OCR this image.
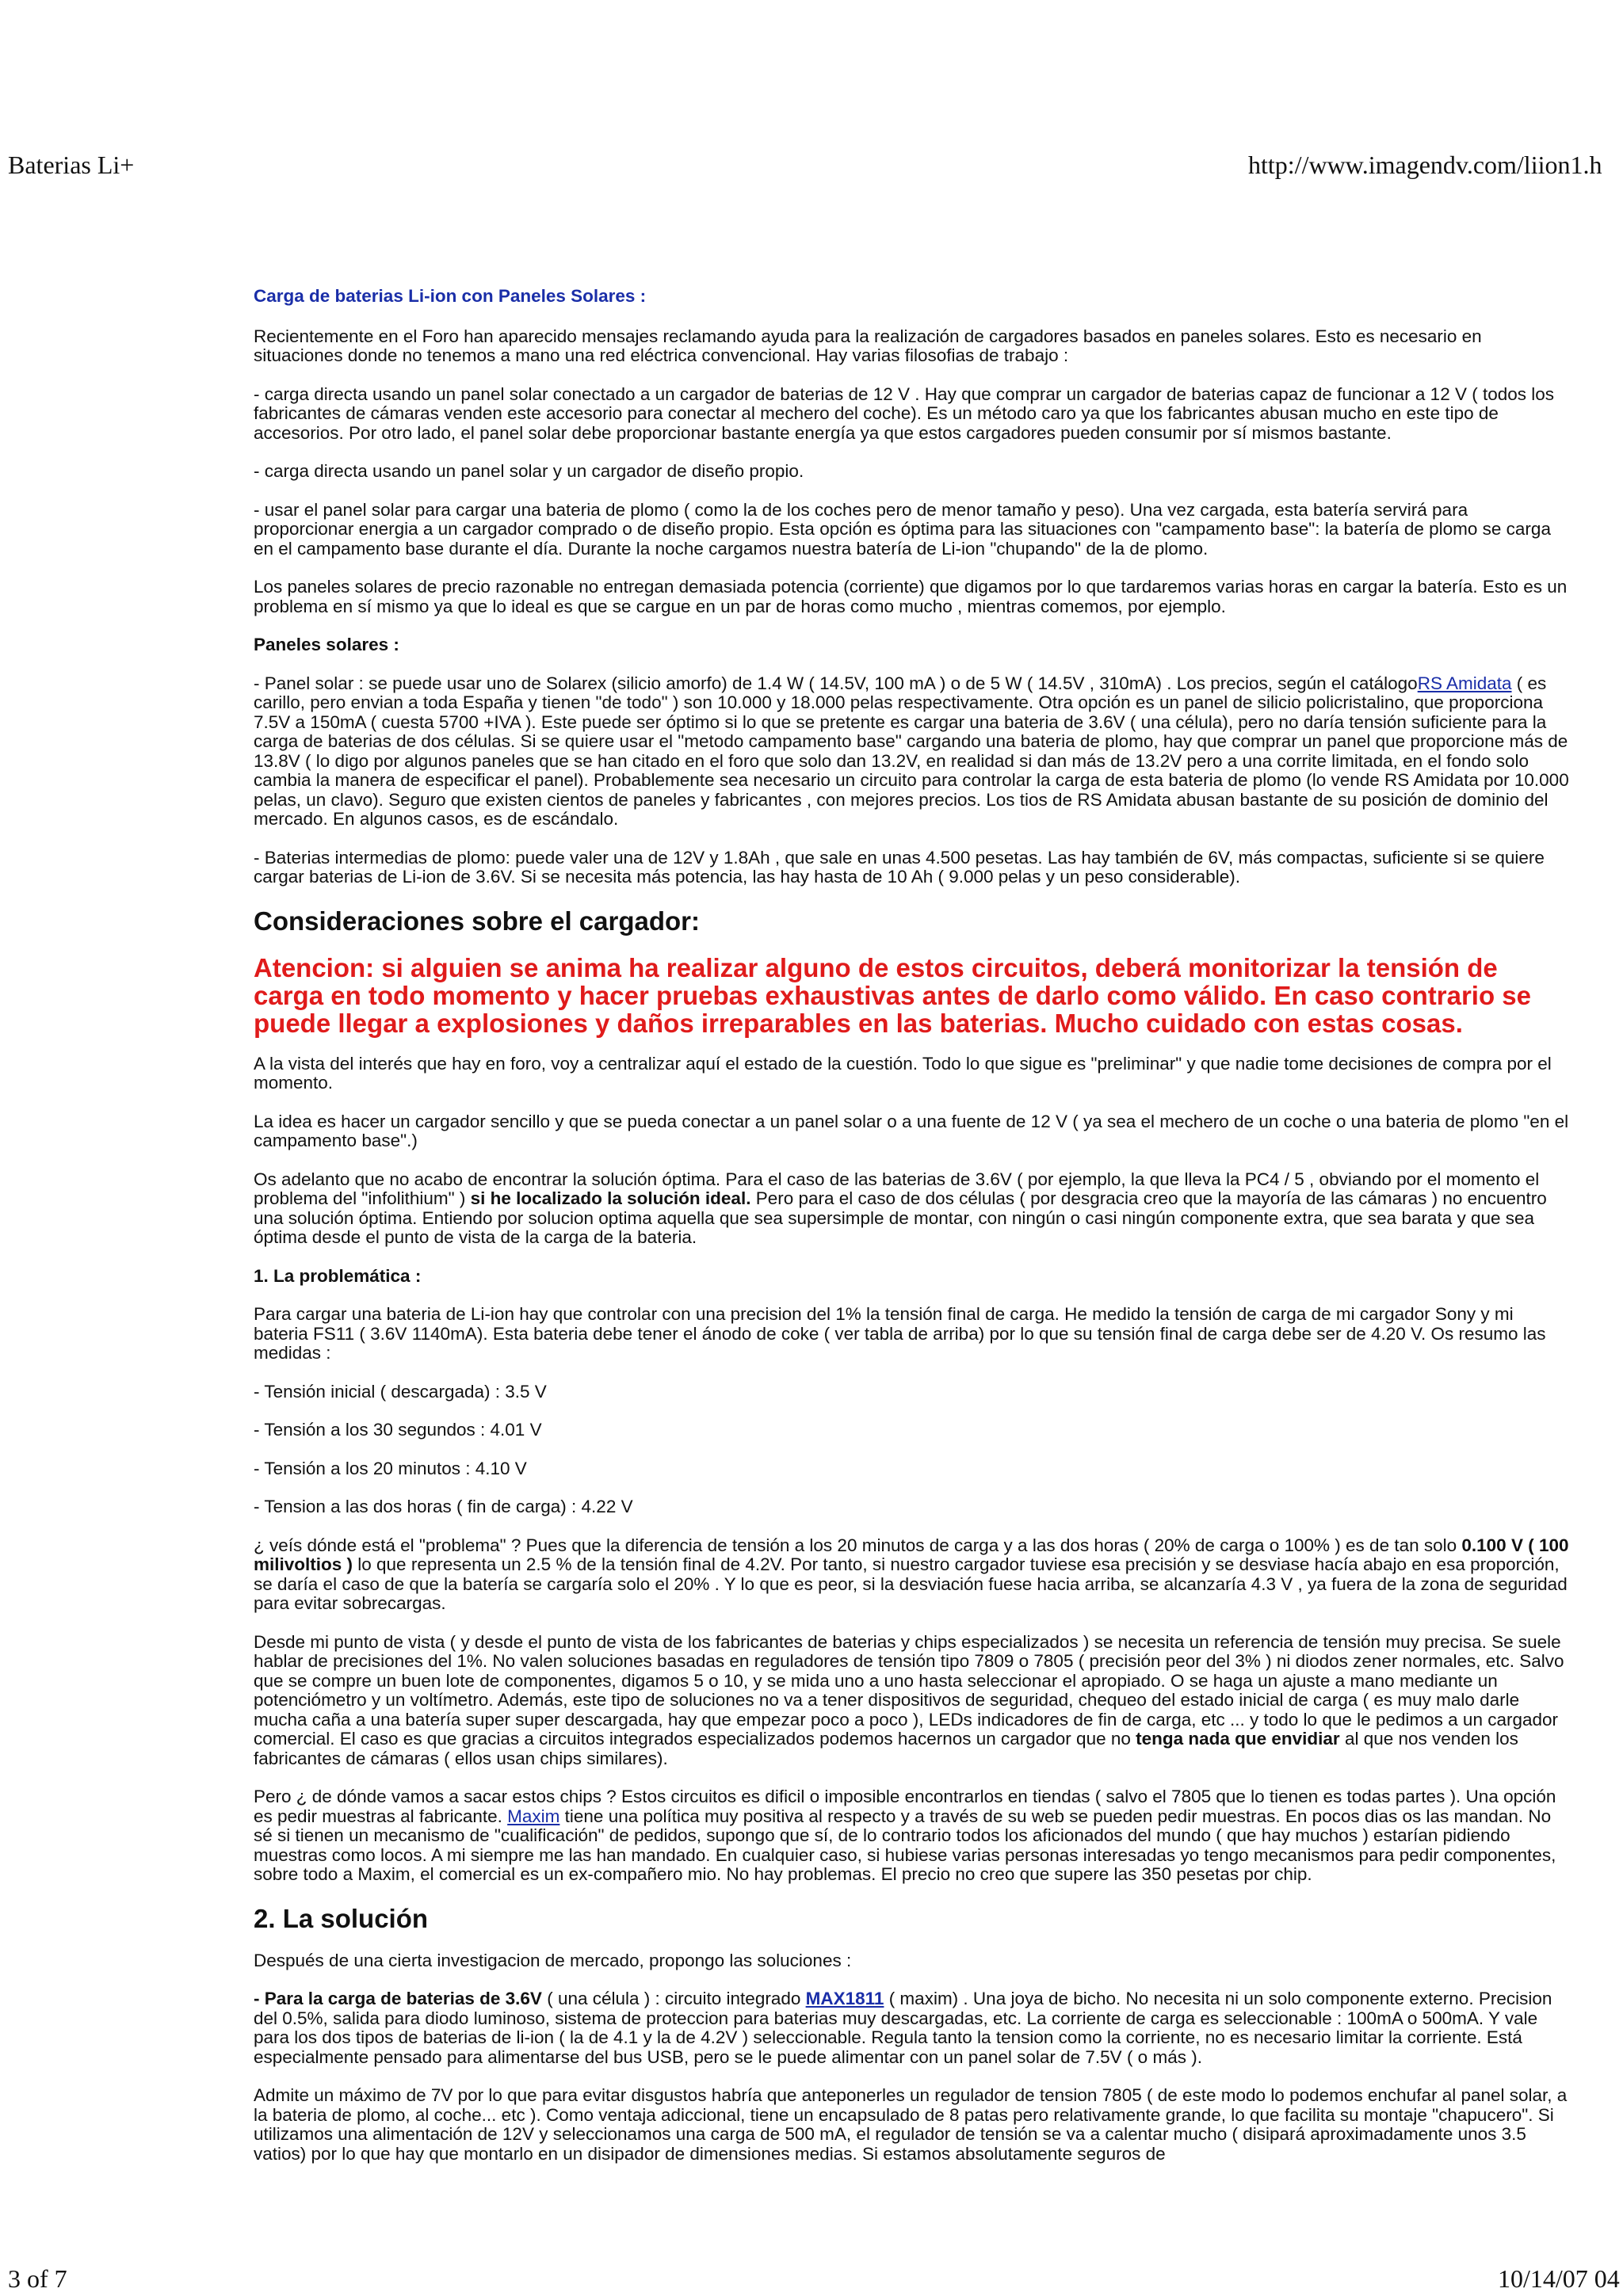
Baterias Li+	http://www.imagendv.com/liion1.h

Carga de baterias Li-ion con Paneles Solares :

Recientemente en el Foro han aparecido mensajes reclamando ayuda para la realización de cargadores basados en paneles solares. Esto es necesario en situaciones donde no tenemos a mano una red eléctrica convencional. Hay varias filosofias de trabajo :

- carga directa usando un panel solar conectado a un cargador de baterias de 12 V . Hay que comprar un cargador de baterias capaz de funcionar a 12 V ( todos los fabricantes de cámaras venden este accesorio para conectar al mechero del coche). Es un método caro ya que los fabricantes abusan mucho en este tipo de accesorios. Por otro lado, el panel solar debe proporcionar bastante energía ya que estos cargadores pueden consumir por sí mismos bastante.

- carga directa usando un panel solar y un cargador de diseño propio.

- usar el panel solar para cargar una bateria de plomo ( como la de los coches pero de menor tamaño y peso). Una vez cargada, esta batería servirá para proporcionar energia a un cargador comprado o de diseño propio. Esta opción es óptima para las situaciones con "campamento base": la batería de plomo se carga en el campamento base durante el día. Durante la noche cargamos nuestra batería de Li-ion "chupando" de la de plomo.

Los paneles solares de precio razonable no entregan demasiada potencia (corriente) que digamos por lo que tardaremos varias horas en cargar la batería. Esto es un problema en sí mismo ya que lo ideal es que se cargue en un par de horas como mucho , mientras comemos, por ejemplo.

Paneles solares :

- Panel solar : se puede usar uno de Solarex (silicio amorfo) de 1.4 W ( 14.5V, 100 mA ) o de 5 W ( 14.5V , 310mA) . Los precios, según el catálogoRS Amidata ( es carillo, pero envian a toda España y tienen "de todo" ) son 10.000 y 18.000 pelas respectivamente. Otra opción es un panel de silicio policristalino, que proporciona 7.5V a 150mA ( cuesta 5700 +IVA ). Este puede ser óptimo si lo que se pretente es cargar una bateria de 3.6V ( una célula), pero no daría tensión suficiente para la carga de baterias de dos células. Si se quiere usar el "metodo campamento base" cargando una bateria de plomo, hay que comprar un panel que proporcione más de 13.8V ( lo digo por algunos paneles que se han citado en el foro que solo dan 13.2V, en realidad si dan más de 13.2V pero a una corrite limitada, en el fondo solo cambia la manera de especificar el panel). Probablemente sea necesario un circuito para controlar la carga de esta bateria de plomo (lo vende RS Amidata por 10.000 pelas, un clavo). Seguro que existen cientos de paneles y fabricantes , con mejores precios. Los tios de RS Amidata abusan bastante de su posición de dominio del mercado. En algunos casos, es de escándalo.

- Baterias intermedias de plomo: puede valer una de 12V y 1.8Ah , que sale en unas 4.500 pesetas. Las hay también de 6V, más compactas, suficiente si se quiere cargar baterias de Li-ion de 3.6V. Si se necesita más potencia, las hay hasta de 10 Ah ( 9.000 pelas y un peso considerable).

Consideraciones sobre el cargador:
Atencion: si alguien se anima ha realizar alguno de estos circuitos, deberá monitorizar la tensión de carga en todo momento y hacer pruebas exhaustivas antes de darlo como válido. En caso contrario se puede llegar a explosiones y daños irreparables en las baterias. Mucho cuidado con estas cosas.

A la vista del interés que hay en foro, voy a centralizar aquí el estado de la cuestión. Todo lo que sigue es "preliminar" y que nadie tome decisiones de compra por el momento.

La idea es hacer un cargador sencillo y que se pueda conectar a un panel solar o a una fuente de 12 V ( ya sea el mechero de un coche o una bateria de plomo "en el campamento base".)

Os adelanto que no acabo de encontrar la solución óptima. Para el caso de las baterias de 3.6V ( por ejemplo, la que lleva la PC4 / 5 , obviando por el momento el problema del "infolithium" ) si he localizado la solución ideal. Pero para el caso de dos células ( por desgracia creo que la mayoría de las cámaras ) no encuentro una solución óptima. Entiendo por solucion optima aquella que sea supersimple de montar, con ningún o casi ningún componente extra, que sea barata y que sea óptima desde el punto de vista de la carga de la bateria.

1. La problemática :

Para cargar una bateria de Li-ion hay que controlar con una precision del 1% la tensión final de carga. He medido la tensión de carga de mi cargador Sony y mi bateria FS11 ( 3.6V 1140mA). Esta bateria debe tener el ánodo de coke ( ver tabla de arriba) por lo que su tensión final de carga debe ser de 4.20 V. Os resumo las medidas :

- Tensión inicial ( descargada) : 3.5 V

- Tensión a los 30 segundos : 4.01 V

- Tensión a los 20 minutos : 4.10 V

- Tension a las dos horas ( fin de carga) : 4.22 V

¿ veís dónde está el "problema" ? Pues que la diferencia de tensión a los 20 minutos de carga y a las dos horas ( 20% de carga o 100% ) es de tan solo 0.100 V ( 100 milivoltios ) lo que representa un 2.5 % de la tensión final de 4.2V. Por tanto, si nuestro cargador tuviese esa precisión y se desviase hacía abajo en esa proporción, se daría el caso de que la batería se cargaría solo el 20% . Y lo que es peor, si la desviación fuese hacia arriba, se alcanzaría 4.3 V , ya fuera de la zona de seguridad para evitar sobrecargas.

Desde mi punto de vista ( y desde el punto de vista de los fabricantes de baterias y chips especializados ) se necesita un referencia de tensión muy precisa. Se suele hablar de precisiones del 1%. No valen soluciones basadas en reguladores de tensión tipo 7809 o 7805 ( precisión peor del 3% ) ni diodos zener normales, etc. Salvo que se compre un buen lote de componentes, digamos 5 o 10, y se mida uno a uno hasta seleccionar el apropiado. O se haga un ajuste a mano mediante un potenciómetro y un voltímetro. Además, este tipo de soluciones no va a tener dispositivos de seguridad, chequeo del estado inicial de carga ( es muy malo darle mucha caña a una batería super super descargada, hay que empezar poco a poco ), LEDs indicadores de fin de carga, etc ... y todo lo que le pedimos a un cargador comercial. El caso es que gracias a circuitos integrados especializados podemos hacernos un cargador que no tenga nada que envidiar al que nos venden los fabricantes de cámaras ( ellos usan chips similares).

Pero ¿ de dónde vamos a sacar estos chips ? Estos circuitos es dificil o imposible encontrarlos en tiendas ( salvo el 7805 que lo tienen es todas partes ). Una opción es pedir muestras al fabricante. Maxim tiene una política muy positiva al respecto y a través de su web se pueden pedir muestras. En pocos dias os las mandan. No sé si tienen un mecanismo de "cualificación" de pedidos, supongo que sí, de lo contrario todos los aficionados del mundo ( que hay muchos ) estarían pidiendo muestras como locos. A mi siempre me las han mandado. En cualquier caso, si hubiese varias personas interesadas yo tengo mecanismos para pedir componentes, sobre todo a Maxim, el comercial es un ex-compañero mio. No hay problemas. El precio no creo que supere las 350 pesetas por chip.

2. La solución

Después de una cierta investigacion de mercado, propongo las soluciones :

- Para la carga de baterias de 3.6V ( una célula ) : circuito integrado MAX1811 ( maxim) . Una joya de bicho. No necesita ni un solo componente externo. Precision del 0.5%, salida para diodo luminoso, sistema de proteccion para baterias muy descargadas, etc. La corriente de carga es seleccionable : 100mA o 500mA. Y vale para los dos tipos de baterias de li-ion ( la de 4.1 y la de 4.2V ) seleccionable. Regula tanto la tension como la corriente, no es necesario limitar la corriente. Está especialmente pensado para alimentarse del bus USB, pero se le puede alimentar con un panel solar de 7.5V ( o más ).

Admite un máximo de 7V por lo que para evitar disgustos habría que anteponerles un regulador de tension 7805 ( de este modo lo podemos enchufar al panel solar, a la bateria de plomo, al coche... etc ). Como ventaja adiccional, tiene un encapsulado de 8 patas pero relativamente grande, lo que facilita su montaje "chapucero". Si utilizamos una alimentación de 12V y seleccionamos una carga de 500 mA, el regulador de tensión se va a calentar mucho ( disipará aproximadamente unos 3.5 vatios) por lo que hay que montarlo en un disipador de dimensiones medias. Si estamos absolutamente seguros de

3 of 7	10/14/07 04
